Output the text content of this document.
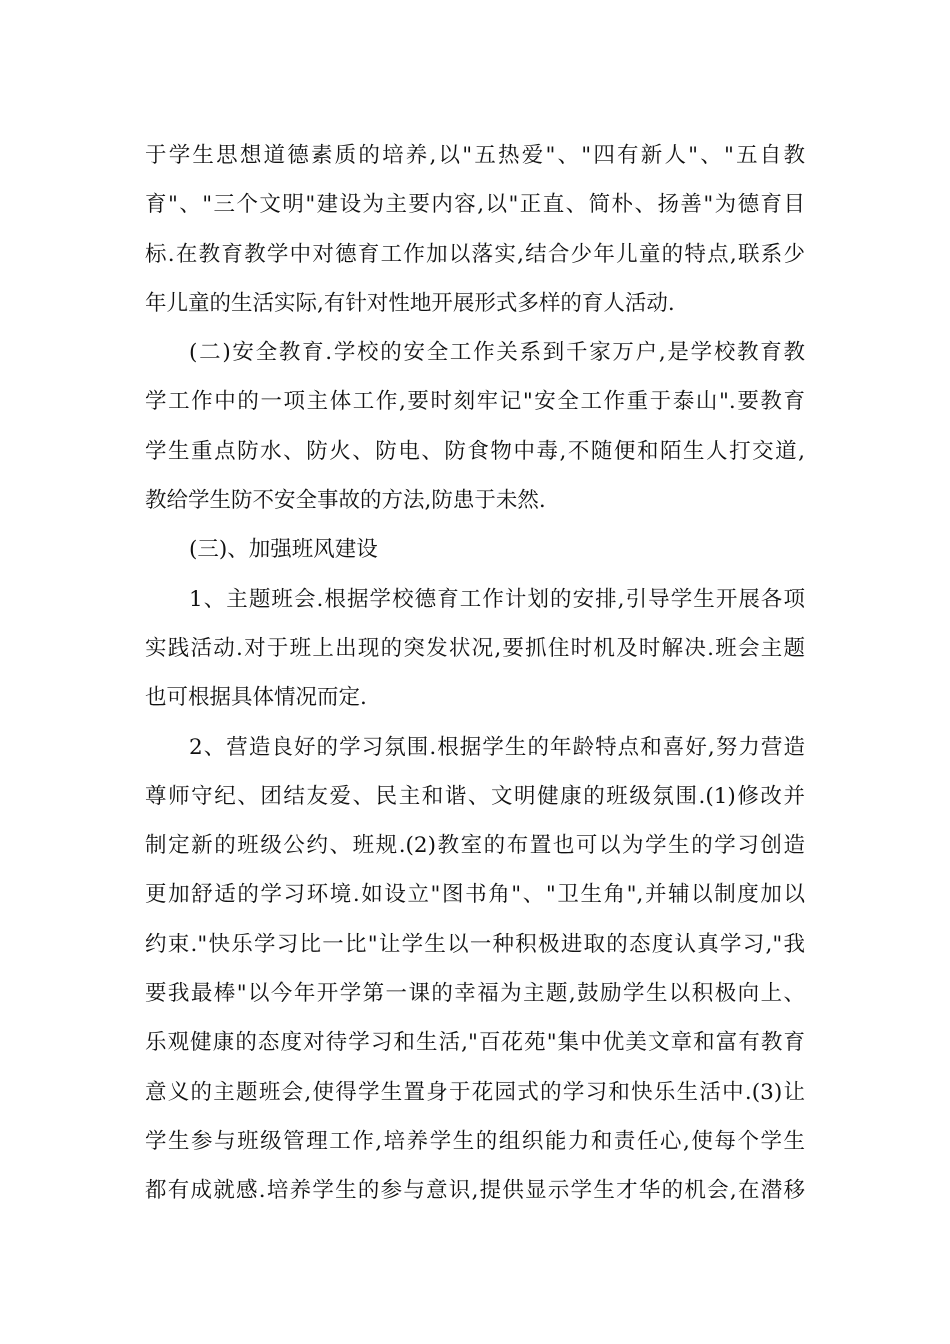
于学生思想道德素质的培养,以"五热爱"、"四有新人"、"五自教
育"、"三个文明"建设为主要内容,以"正直、简朴、扬善"为德育目
标.在教育教学中对德育工作加以落实,结合少年儿童的特点,联系少
年儿童的生活实际,有针对性地开展形式多样的育人活动.
(二)安全教育.学校的安全工作关系到千家万户,是学校教育教
学工作中的一项主体工作,要时刻牢记"安全工作重于泰山".要教育
学生重点防水、防火、防电、防食物中毒,不随便和陌生人打交道,
教给学生防不安全事故的方法,防患于未然.
(三)、加强班风建设
1、主题班会.根据学校德育工作计划的安排,引导学生开展各项
实践活动.对于班上出现的突发状况,要抓住时机及时解决.班会主题
也可根据具体情况而定.
2、营造良好的学习氛围.根据学生的年龄特点和喜好,努力营造
尊师守纪、团结友爱、民主和谐、文明健康的班级氛围.(1)修改并
制定新的班级公约、班规.(2)教室的布置也可以为学生的学习创造
更加舒适的学习环境.如设立"图书角"、"卫生角",并辅以制度加以
约束."快乐学习比一比"让学生以一种积极进取的态度认真学习,"我
要我最棒"以今年开学第一课的幸福为主题,鼓励学生以积极向上、
乐观健康的态度对待学习和生活,"百花苑"集中优美文章和富有教育
意义的主题班会,使得学生置身于花园式的学习和快乐生活中.(3)让
学生参与班级管理工作,培养学生的组织能力和责任心,使每个学生
都有成就感.培养学生的参与意识,提供显示学生才华的机会,在潜移
